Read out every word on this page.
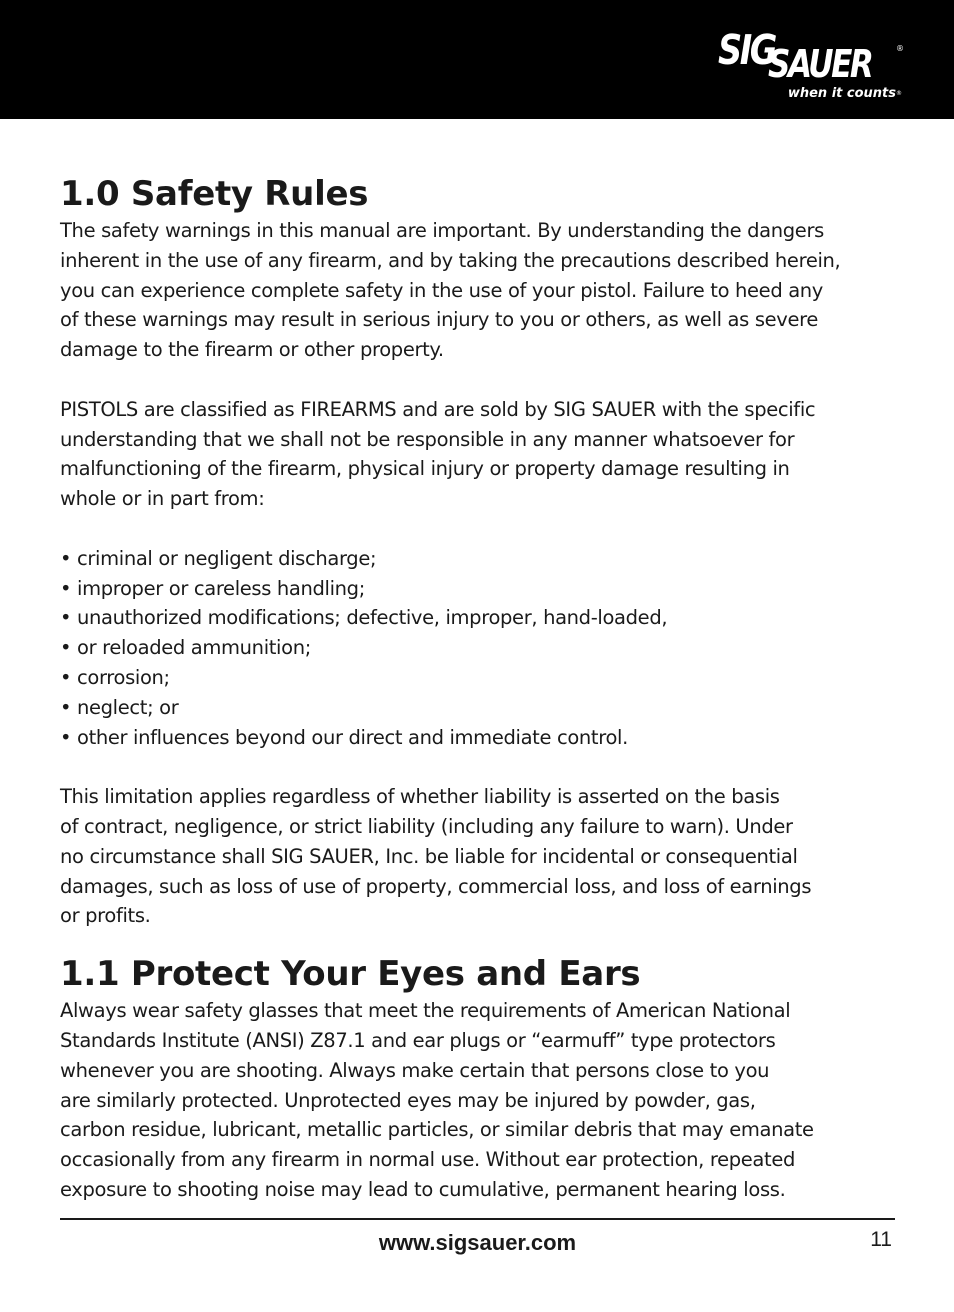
SIG
SAUER	®
when it counts ®
1.0 Safety Rules

The safety warnings in this manual are important. By understanding the dangers
inherent in the use of any firearm, and by taking the precautions described herein,
you can experience complete safety in the use of your pistol. Failure to heed any
of these warnings may result in serious injury to you or others, as well as severe
damage to the firearm or other property.

PISTOLS are classified as FIREARMS and are sold by SIG SAUER with the specific
understanding that we shall not be responsible in any manner whatsoever for
malfunctioning of the firearm, physical injury or property damage resulting in
whole or in part from:

• criminal or negligent discharge;
• improper or careless handling;
• unauthorized modifications; defective, improper, hand-loaded,
• or reloaded ammunition;
• corrosion;
• neglect; or
• other influences beyond our direct and immediate control.

This limitation applies regardless of whether liability is asserted on the basis
of contract, negligence, or strict liability (including any failure to warn). Under
no circumstance shall SIG SAUER, Inc. be liable for incidental or consequential
damages, such as loss of use of property, commercial loss, and loss of earnings
or profits.

1.1 Protect Your Eyes and Ears

Always wear safety glasses that meet the requirements of American National
Standards Institute (ANSI) Z87.1 and ear plugs or “earmuff” type protectors
whenever you are shooting. Always make certain that persons close to you
are similarly protected. Unprotected eyes may be injured by powder, gas,
carbon residue, lubricant, metallic particles, or similar debris that may emanate
occasionally from any firearm in normal use. Without ear protection, repeated
exposure to shooting noise may lead to cumulative, permanent hearing loss.

www.sigsauer.com	11
